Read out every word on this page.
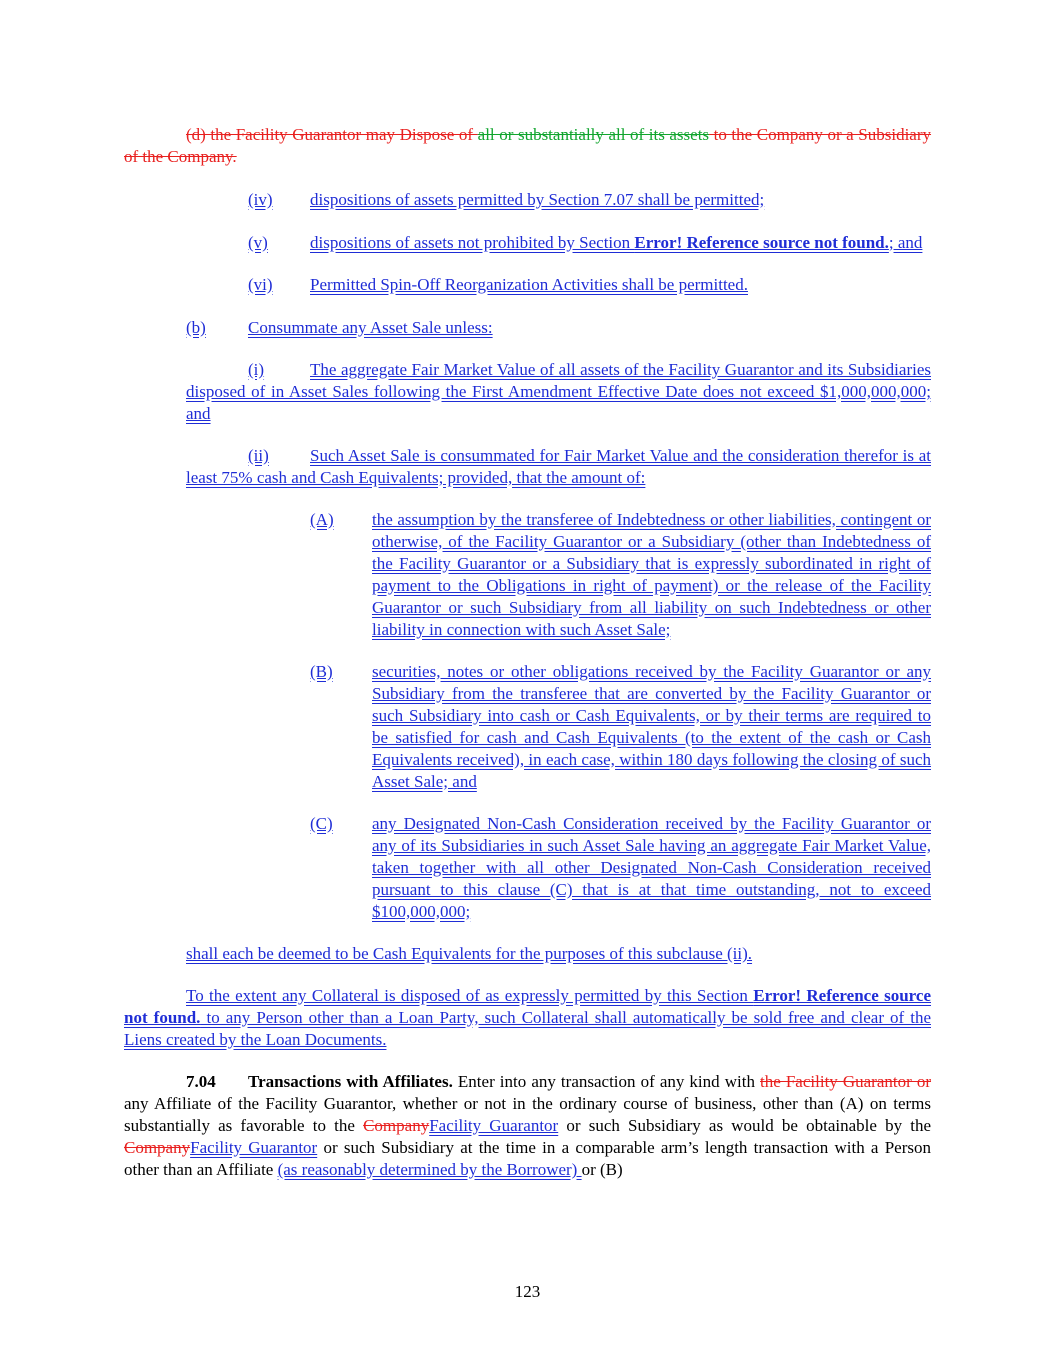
(d) the Facility Guarantor may Dispose of all or substantially all of its assets to the Company or a Subsidiary of the Company.

(iv) dispositions of assets permitted by Section 7.07 shall be permitted;

(v) dispositions of assets not prohibited by Section Error! Reference source not found.; and

(vi) Permitted Spin-Off Reorganization Activities shall be permitted.

(b) Consummate any Asset Sale unless:

(i)	The aggregate Fair Market Value of all assets of the Facility Guarantor and its Subsidiaries disposed of in Asset Sales following the First Amendment Effective Date does not exceed $1,000,000,000; and

(ii) Such Asset Sale is consummated for Fair Market Value and the consideration therefor is at least 75% cash and Cash Equivalents; provided, that the amount of:

(A)	the assumption by the transferee of Indebtedness or other liabilities, contingent or otherwise, of the Facility Guarantor or a Subsidiary (other than Indebtedness of the Facility Guarantor or a Subsidiary that is expressly subordinated in right of payment to the Obligations in right of payment) or the release of the Facility Guarantor or such Subsidiary from all liability on such Indebtedness or other liability in connection with such Asset Sale;

(B)	securities, notes or other obligations received by the Facility Guarantor or any Subsidiary from the transferee that are converted by the Facility Guarantor or such Subsidiary into cash or Cash Equivalents, or by their terms are required to be satisfied for cash and Cash Equivalents (to the extent of the cash or Cash Equivalents received), in each case, within 180 days following the closing of such Asset Sale; and

(C)	any Designated Non-Cash Consideration received by the Facility Guarantor or any of its Subsidiaries in such Asset Sale having an aggregate Fair Market Value, taken together with all other Designated Non-Cash Consideration received pursuant to this clause (C) that is at that time outstanding, not to exceed $100,000,000;

shall each be deemed to be Cash Equivalents for the purposes of this subclause (ii).

To the extent any Collateral is disposed of as expressly permitted by this Section Error! Reference source not found. to any Person other than a Loan Party, such Collateral shall automatically be sold free and clear of the Liens created by the Loan Documents.

7.04 Transactions with Affiliates. Enter into any transaction of any kind with the Facility Guarantor or any Affiliate of the Facility Guarantor, whether or not in the ordinary course of business, other than (A) on terms substantially as favorable to the CompanyFacility Guarantor or such Subsidiary as would be obtainable by the CompanyFacility Guarantor or such Subsidiary at the time in a comparable arm’s length transaction with a Person other than an Affiliate (as reasonably determined by the Borrower) or (B)

123
